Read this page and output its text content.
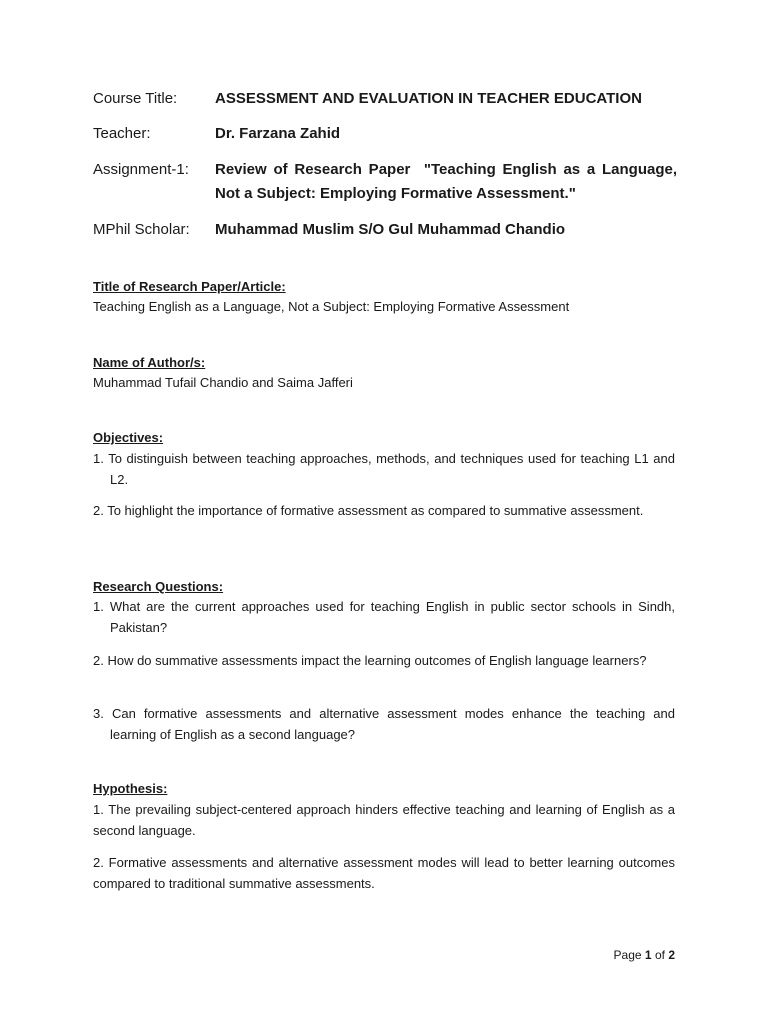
Course Title:	ASSESSMENT AND EVALUATION IN TEACHER EDUCATION
Teacher:	Dr. Farzana Zahid
Assignment-1:	Review of Research Paper  "Teaching English as a Language, Not a Subject: Employing Formative Assessment."
MPhil Scholar:	Muhammad Muslim S/O Gul Muhammad Chandio
Title of Research Paper/Article:
Teaching English as a Language, Not a Subject: Employing Formative Assessment
Name of Author/s:
Muhammad Tufail Chandio and Saima Jafferi
Objectives:
1. To distinguish between teaching approaches, methods, and techniques used for teaching L1 and L2.
2. To highlight the importance of formative assessment as compared to summative assessment.
Research Questions:
1. What are the current approaches used for teaching English in public sector schools in Sindh, Pakistan?
2. How do summative assessments impact the learning outcomes of English language learners?
3. Can formative assessments and alternative assessment modes enhance the teaching and learning of English as a second language?
Hypothesis:
1. The prevailing subject-centered approach hinders effective teaching and learning of English as a second language.
2. Formative assessments and alternative assessment modes will lead to better learning outcomes compared to traditional summative assessments.
Page 1 of 2
